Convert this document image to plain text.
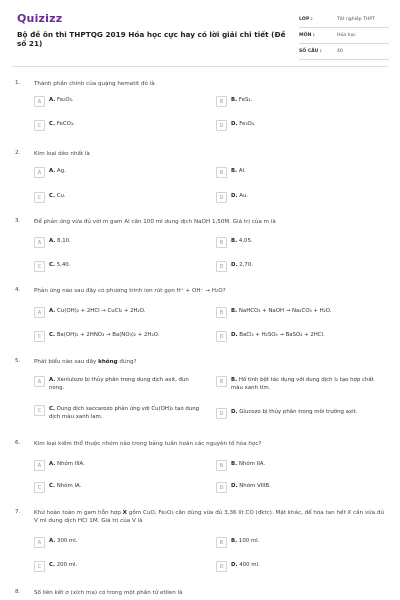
Quizizz
Bộ đề ôn thi THPTQG 2019 Hóa học cực hay có lời giải chi tiết (Đề số 21)
LỚP :	Tốt nghiệp THPT
MÔN :	Hóa học
SỐ CÂU :	40
1. Thành phần chính của quặng hematit đó là
A	A. Fe₂O₃.	B	B. FeS₂.
C	C. FeCO₃.	D	D. Fe₃O₄.
2. Kim loại dẻo nhất là
A	A. Ag.	B	B. Al.
C	C. Cu.	D	D. Au.
3. Để phản ứng vừa đủ với m gam Al cần 100 ml dung dịch NaOH 1,50M. Giá trị của m là
A	A. 8,10.	B	B. 4,05.
C	C. 5,40.	D	D. 2,70.
4. Phản ứng nào sau đây có phương trình ion rút gọn H⁺ + OH⁻ → H₂O?
A	A. Cu(OH)₂ + 2HCl → CuCl₂ + 2H₂O.	B	B. NaHCO₃ + NaOH → Na₂CO₃ + H₂O.
C	C. Ba(OH)₂ + 2HNO₃ → Ba(NO₃)₂ + 2H₂O.	D	D. BaCl₂ + H₂SO₄ → BaSO₄ + 2HCl.
5. Phát biểu nào sau đây không đúng?
A	A. Xenlulozo bị thủy phân trong dung dịch axit, đun nóng.
B	B. Hồ tinh bột tác dụng với dung dịch I₂ tạo hợp chất màu xanh tím.
C	C. Dung dịch saccarozo phản ứng với Cu(OH)₂ tạo dung dịch màu xanh lam.
D	D. Glucozo bị thủy phân trong môi trường axit.
6. Kim loại kiềm thổ thuộc nhóm nào trong bảng tuần hoàn các nguyên tố hóa học?
A	A. Nhóm IIIA.	B	B. Nhóm IIA.
C	C. Nhóm IA.	D	D. Nhóm VIIIB.
7. Khử hoàn toàn m gam hỗn hợp X gồm CuO, Fe₂O₃ cần dùng vừa đủ 3,36 lít CO (đktc). Mặt khác, để hòa tan hết X cần vừa đủ V ml dung dịch HCl 1M. Giá trị của V là
A	A. 300 ml.	B	B. 100 ml.
C	C. 200 ml.	D	D. 400 ml.
8. Số liên kết σ (xích ma) có trong một phân tử etilen là
